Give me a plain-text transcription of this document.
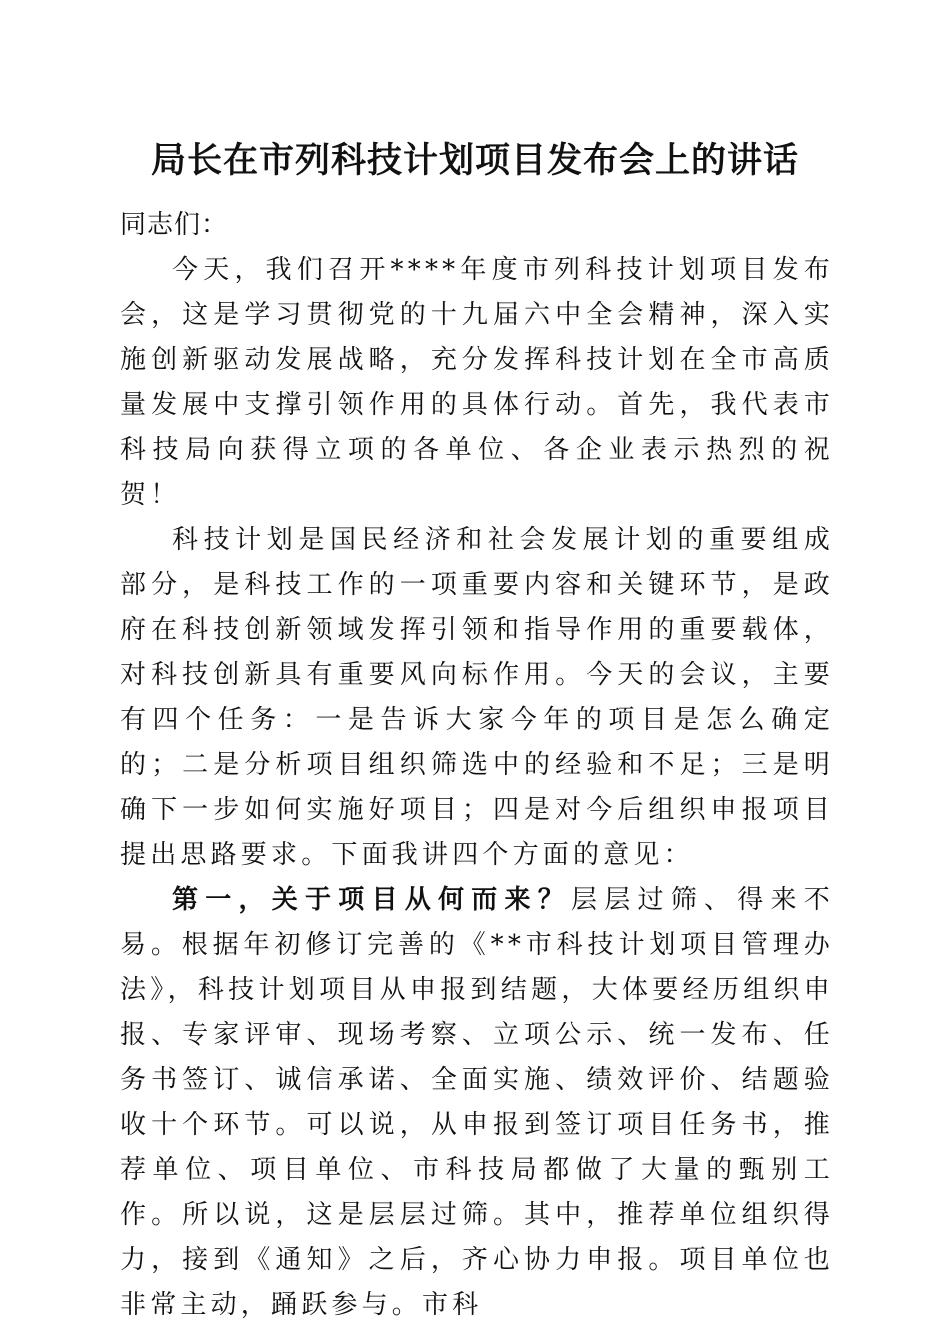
局长在市列科技计划项目发布会上的讲话

同志们：

今天，我们召开****年度市列科技计划项目发布会，这是学习贯彻党的十九届六中全会精神，深入实施创新驱动发展战略，充分发挥科技计划在全市高质量发展中支撑引领作用的具体行动。首先，我代表市科技局向获得立项的各单位、各企业表示热烈的祝贺！

科技计划是国民经济和社会发展计划的重要组成部分，是科技工作的一项重要内容和关键环节，是政府在科技创新领域发挥引领和指导作用的重要载体，对科技创新具有重要风向标作用。今天的会议，主要有四个任务：一是告诉大家今年的项目是怎么确定的；二是分析项目组织筛选中的经验和不足；三是明确下一步如何实施好项目；四是对今后组织申报项目提出思路要求。下面我讲四个方面的意见：

第一，关于项目从何而来？层层过筛、得来不易。根据年初修订完善的《**市科技计划项目管理办法》，科技计划项目从申报到结题，大体要经历组织申报、专家评审、现场考察、立项公示、统一发布、任务书签订、诚信承诺、全面实施、绩效评价、结题验收十个环节。可以说，从申报到签订项目任务书，推荐单位、项目单位、市科技局都做了大量的甄别工作。所以说，这是层层过筛。其中，推荐单位组织得力，接到《通知》之后，齐心协力申报。项目单位也非常主动，踊跃参与。市科
